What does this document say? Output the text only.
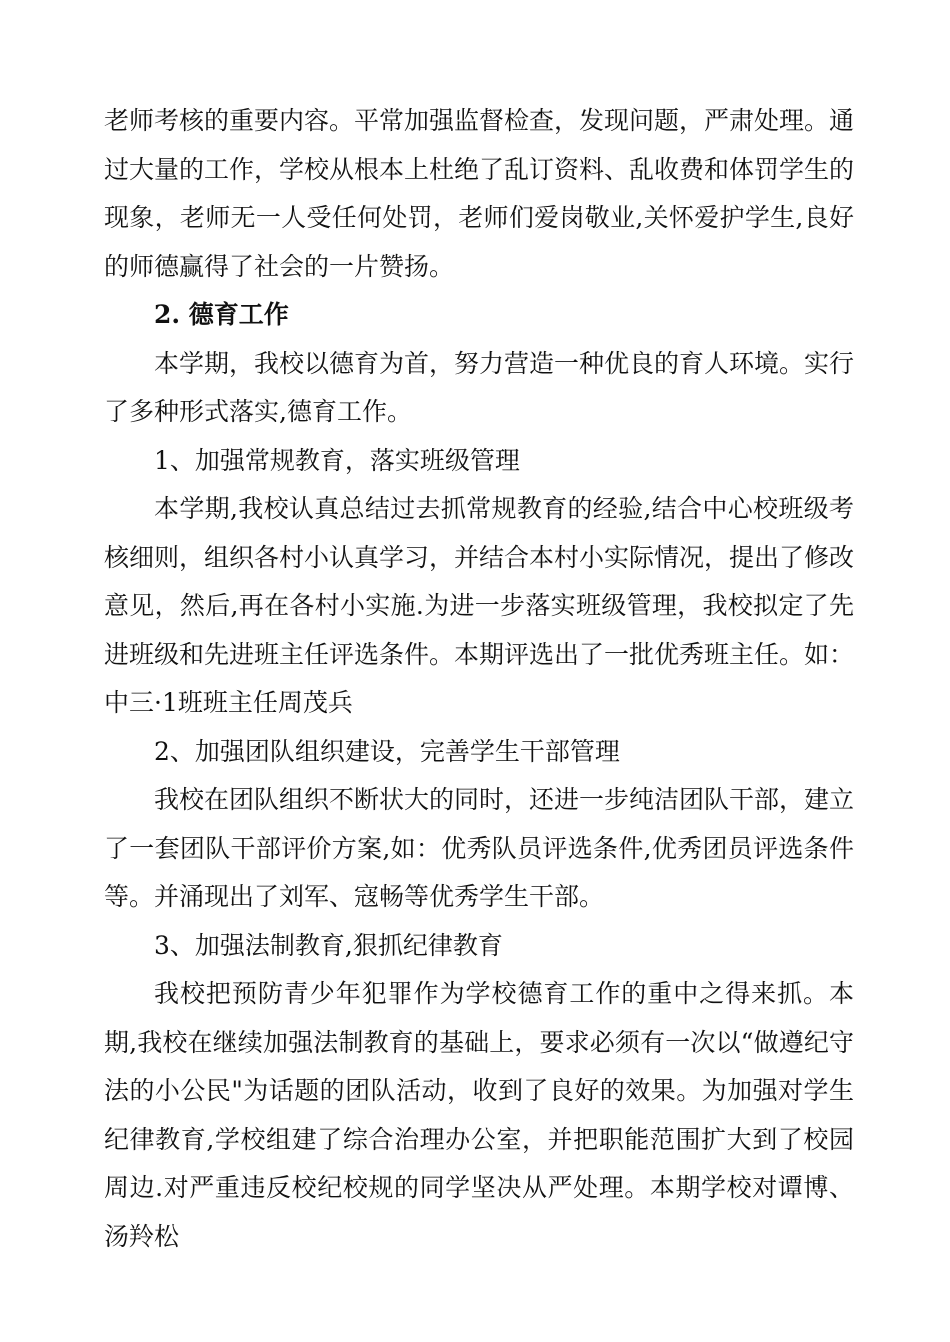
老师考核的重要内容。平常加强监督检查，发现问题，严肃处理。通过大量的工作，学校从根本上杜绝了乱订资料、乱收费和体罚学生的现象，老师无一人受任何处罚，老师们爱岗敬业,关怀爱护学生,良好的师德赢得了社会的一片赞扬。

2. 德育工作

本学期，我校以德育为首，努力营造一种优良的育人环境。实行了多种形式落实,德育工作。

1、加强常规教育，落实班级管理

本学期,我校认真总结过去抓常规教育的经验,结合中心校班级考核细则，组织各村小认真学习，并结合本村小实际情况，提出了修改意见，然后,再在各村小实施.为进一步落实班级管理，我校拟定了先进班级和先进班主任评选条件。本期评选出了一批优秀班主任。如：中三·1班班主任周茂兵

2、加强团队组织建设，完善学生干部管理

我校在团队组织不断状大的同时，还进一步纯洁团队干部，建立了一套团队干部评价方案,如：优秀队员评选条件,优秀团员评选条件等。并涌现出了刘军、寇畅等优秀学生干部。

3、加强法制教育,狠抓纪律教育

我校把预防青少年犯罪作为学校德育工作的重中之得来抓。本期,我校在继续加强法制教育的基础上，要求必须有一次以“做遵纪守法的小公民"为话题的团队活动，收到了良好的效果。为加强对学生纪律教育,学校组建了综合治理办公室，并把职能范围扩大到了校园周边.对严重违反校纪校规的同学坚决从严处理。本期学校对谭博、汤羚松
